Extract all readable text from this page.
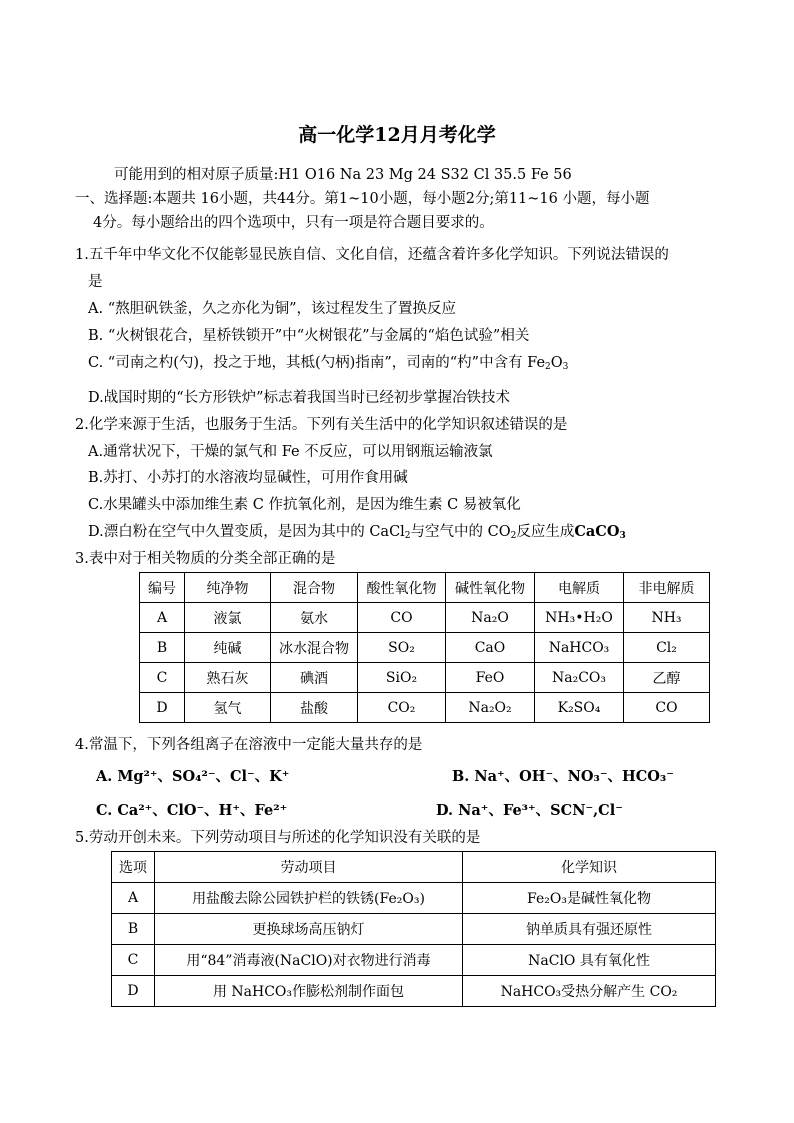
高一化学12月月考化学
可能用到的相对原子质量:H1 O16 Na 23 Mg 24 S32 Cl 35.5 Fe 56
一、选择题:本题共 16小题，共44分。第1~10小题，每小题2分;第11~16 小题，每小题
4分。每小题给出的四个选项中，只有一项是符合题目要求的。
1.五千年中华文化不仅能彰显民族自信、文化自信，还蕴含着许多化学知识。下列说法错误的
是
A. “熬胆矾铁釜，久之亦化为铜”，该过程发生了置换反应
B. “火树银花合，星桥铁锁开”中“火树银花”与金属的“焰色试验”相关
C. “司南之杓(勺)，投之于地，其柢(勺柄)指南”，司南的“杓”中含有 $Fe_2O_3$
D.战国时期的“长方形铁炉”标志着我国当时已经初步掌握冶铁技术
2.化学来源于生活，也服务于生活。下列有关生活中的化学知识叙述错误的是
A.通常状况下，干燥的氯气和 Fe 不反应，可以用钢瓶运输液氯
B.苏打、小苏打的水溶液均显碱性，可用作食用碱
C.水果罐头中添加维生素 C 作抗氧化剂，是因为维生素 C 易被氧化
D.漂白粉在空气中久置变质，是因为其中的 CaCl$_2$与空气中的 $CO_2$反应生成CaCO$_3$
3.表中对于相关物质的分类全部正确的是
编号	纯净物	混合物	酸性氧化物	碱性氧化物	电解质	非电解质
A	液氯	氨水	CO	Na₂O	NH₃•H₂O	NH₃
B	纯碱	冰水混合物	SO₂	CaO	NaHCO₃	Cl₂
C	熟石灰	碘酒	SiO₂	FeO	Na₂CO₃	乙醇
D	氢气	盐酸	CO₂	Na₂O₂	K₂SO₄	CO
4.常温下，下列各组离子在溶液中一定能大量共存的是
A. Mg²⁺、SO₄²⁻、Cl⁻、K⁺	B. Na⁺、OH⁻、NO₃⁻、HCO₃⁻
C. Ca²⁺、ClO⁻、H⁺、Fe²⁺	D. Na⁺、Fe³⁺、SCN⁻,Cl⁻
5.劳动开创未来。下列劳动项目与所述的化学知识没有关联的是
选项	劳动项目	化学知识
A	用盐酸去除公园铁护栏的铁锈(Fe₂O₃)	Fe₂O₃是碱性氧化物
B	更换球场高压钠灯	钠单质具有强还原性
C	用“84”消毒液(NaClO)对衣物进行消毒	NaClO 具有氧化性
D	用 NaHCO₃作膨松剂制作面包	NaHCO₃受热分解产生 CO₂
